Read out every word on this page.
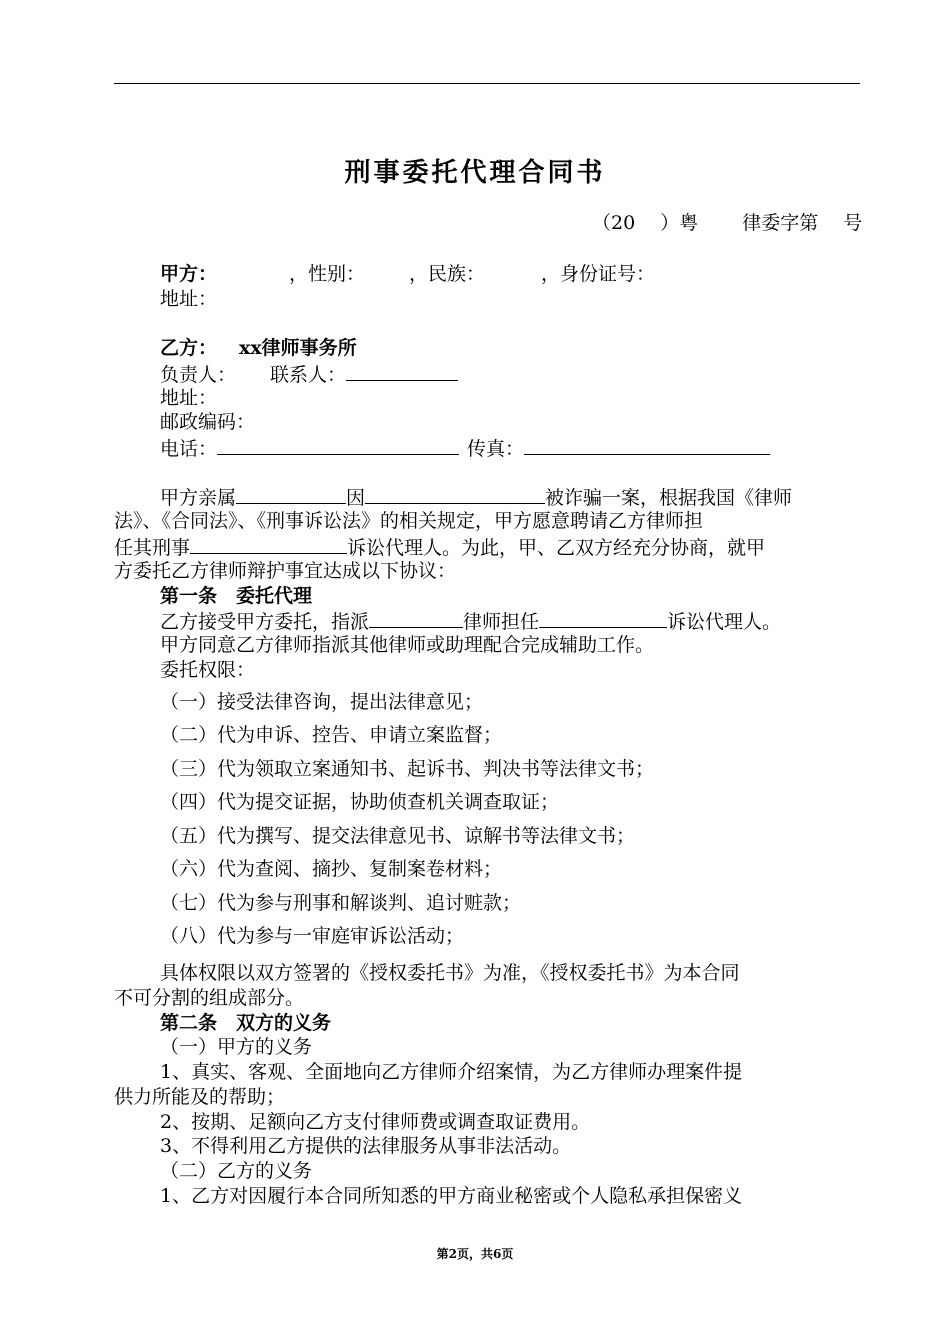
刑事委托代理合同书
（20　 ）粤　　 律委字第　 号
甲方：	，性别： ，民族：	，身份证号：
地址：
乙方： xx律师事务所
负责人： 联系人：
地址：
邮政编码：
电话：	传真：
甲方亲属	因	被诈骗一案，根据我国《律师
法》、《合同法》、《刑事诉讼法》的相关规定，甲方愿意聘请乙方律师担
任其刑事	诉讼代理人。为此，甲、乙双方经充分协商，就甲
方委托乙方律师辩护事宜达成以下协议：
第一条　委托代理
乙方接受甲方委托，指派	律师担任	诉讼代理人。
甲方同意乙方律师指派其他律师或助理配合完成辅助工作。
委托权限：
（一）接受法律咨询，提出法律意见；
（二）代为申诉、控告、申请立案监督；
（三）代为领取立案通知书、起诉书、判决书等法律文书；
（四）代为提交证据，协助侦查机关调查取证；
（五）代为撰写、提交法律意见书、谅解书等法律文书；
（六）代为查阅、摘抄、复制案卷材料；
（七）代为参与刑事和解谈判、追讨赃款；
（八）代为参与一审庭审诉讼活动；
具体权限以双方签署的《授权委托书》为准，《授权委托书》为本合同
不可分割的组成部分。
第二条　双方的义务
（一）甲方的义务
1、真实、客观、全面地向乙方律师介绍案情，为乙方律师办理案件提
供力所能及的帮助；
2、按期、足额向乙方支付律师费或调查取证费用。
3、不得利用乙方提供的法律服务从事非法活动。
（二）乙方的义务
1、乙方对因履行本合同所知悉的甲方商业秘密或个人隐私承担保密义
第2页，共6页
